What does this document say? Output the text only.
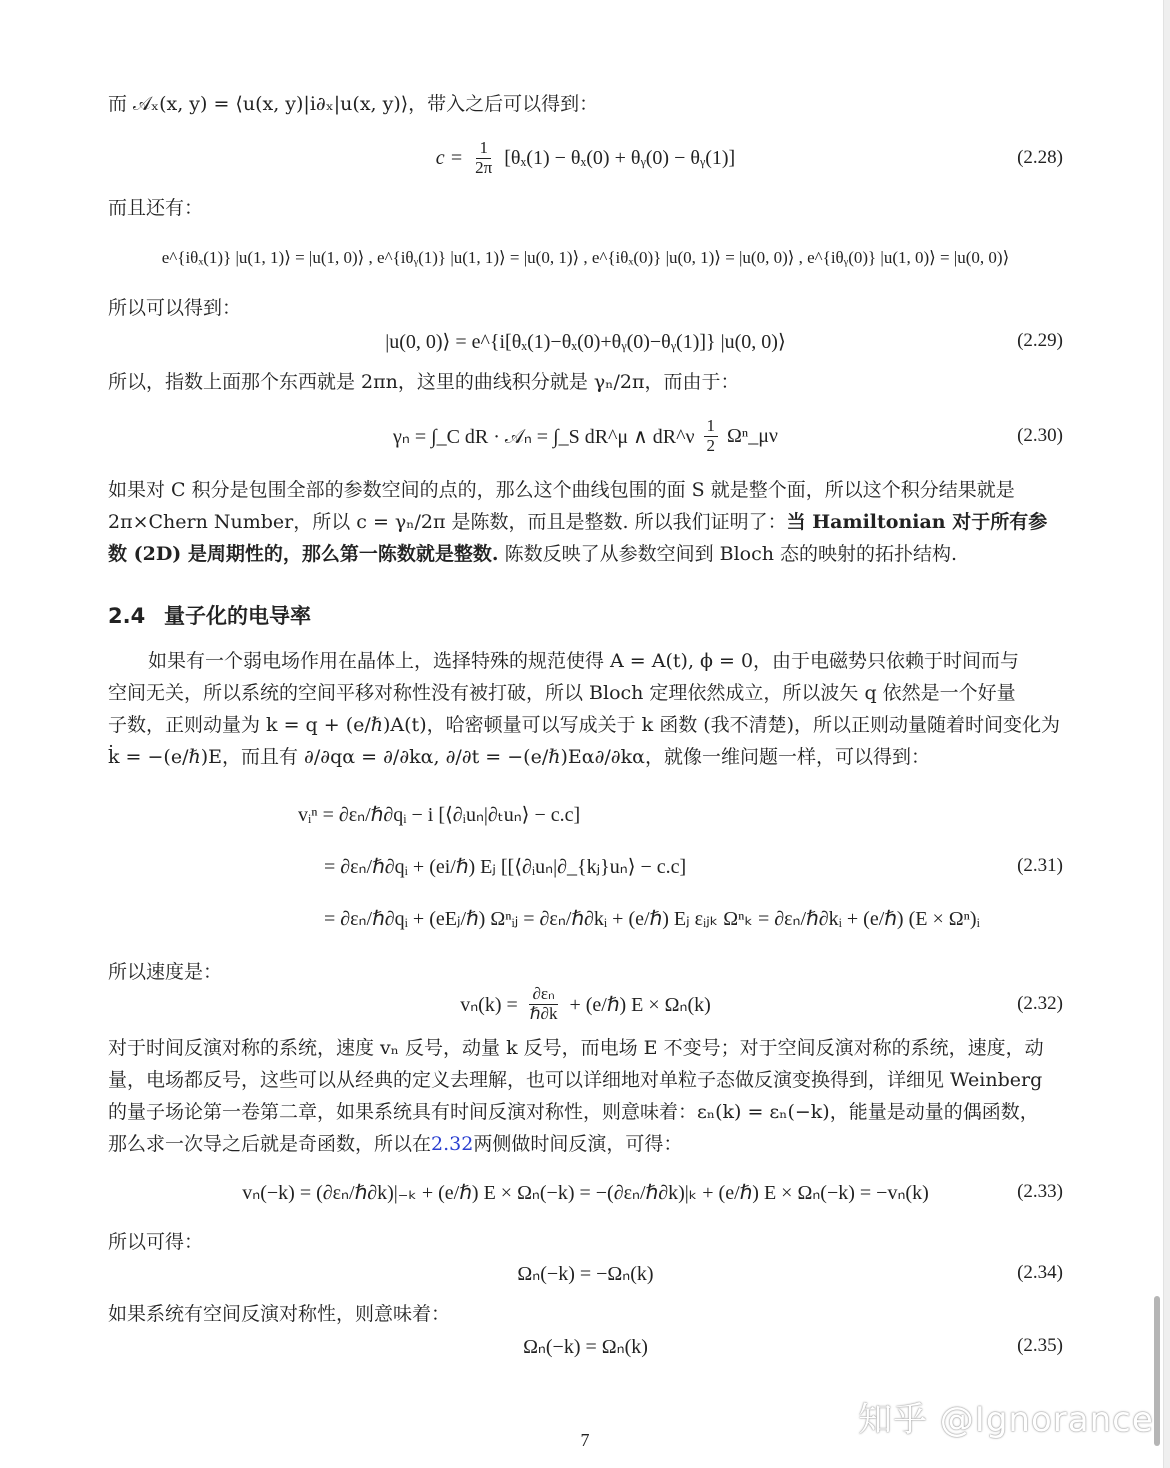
而 𝒜ₓ(x, y) = ⟨u(x, y)|i∂ₓ|u(x, y)⟩，带入之后可以得到：
$c = \frac{1}{2\pi} [\theta_x(1) - \theta_x(0)$ + θᵧ(0) − θᵧ(1)]	(2.28)
而且还有：
e^{iθₓ(1)} |u(1, 1)⟩ = |u(1, 0)⟩ , e^{iθᵧ(1)} |u(1, 1)⟩ = |u(0, 1)⟩ , e^{iθₓ(0)} |u(0, 1)⟩ = |u(0, 0)⟩ , e^{iθᵧ(0)} |u(1, 0)⟩ = |u(0, 0)⟩
所以可以得到：
|u(0, 0)⟩ = e^{i[θₓ(1)−θₓ(0)+θᵧ(0)−θᵧ(1)]} |u(0, 0)⟩	(2.29)
所以，指数上面那个东西就是 2πn，这里的曲线积分就是 γₙ/2π，而由于：
γₙ = ∫_C dR · 𝒜ₙ = ∫_S dR^μ ∧ dR^ν $\frac{1}{2}$ Ωⁿ_μν	(2.30)
如果对 C 积分是包围全部的参数空间的点的，那么这个曲线包围的面 S 就是整个面，所以这个积分结果就是
2π×Chern Number，所以 c = γₙ/2π 是陈数，而且是整数. 所以我们证明了：当 Hamiltonian 对于所有参
数 (2D) 是周期性的，那么第一陈数就是整数. 陈数反映了从参数空间到 Bloch 态的映射的拓扑结构.
2.4 量子化的电导率
如果有一个弱电场作用在晶体上，选择特殊的规范使得 A = A(t), ϕ = 0，由于电磁势只依赖于时间而与
空间无关，所以系统的空间平移对称性没有被打破，所以 Bloch 定理依然成立，所以波矢 q 依然是一个好量
子数，正则动量为 k = q + (e/ℏ)A(t)，哈密顿量可以写成关于 k 函数 (我不清楚)，所以正则动量随着时间变化为
k̇ = −(e/ℏ)E，而且有 ∂/∂qα = ∂/∂kα, ∂/∂t = −(e/ℏ)Eα∂/∂kα，就像一维问题一样，可以得到：
vᵢⁿ = ∂εₙ/ℏ∂qᵢ − i [⟨∂ᵢuₙ|∂ₜuₙ⟩ − c.c]
= ∂εₙ/ℏ∂qᵢ + (ei/ℏ) Eⱼ [[⟨∂ᵢuₙ|∂_{kⱼ}uₙ⟩ − c.c]
= ∂εₙ/ℏ∂qᵢ + (eEⱼ/ℏ) Ωⁿᵢⱼ = ∂εₙ/ℏ∂kᵢ + (e/ℏ) Eⱼ εᵢⱼₖ Ωⁿₖ = ∂εₙ/ℏ∂kᵢ + (e/ℏ) (E × Ωⁿ)ᵢ
(2.31)
所以速度是：
$v_n(k) = \frac{\text{∂εₙ}}{\text{ℏ∂k}}$ + (e/ℏ) E × Ωₙ(k)	(2.32)
对于时间反演对称的系统，速度 vₙ 反号，动量 k 反号，而电场 E 不变号；对于空间反演对称的系统，速度，动
量，电场都反号，这些可以从经典的定义去理解，也可以详细地对单粒子态做反演变换得到，详细见 Weinberg
的量子场论第一卷第二章，如果系统具有时间反演对称性，则意味着：εₙ(k) = εₙ(−k)，能量是动量的偶函数，
那么求一次导之后就是奇函数，所以在2.32两侧做时间反演，可得：
vₙ(−k) = (∂εₙ/ℏ∂k)|₋ₖ + (e/ℏ) E × Ωₙ(−k) = −(∂εₙ/ℏ∂k)|ₖ + (e/ℏ) E × Ωₙ(−k) = −vₙ(k)	(2.33)
所以可得：
Ωₙ(−k) = −Ωₙ(k)	(2.34)
如果系统有空间反演对称性，则意味着：
Ωₙ(−k) = Ωₙ(k)	(2.35)
知乎 @Ignorance
7
